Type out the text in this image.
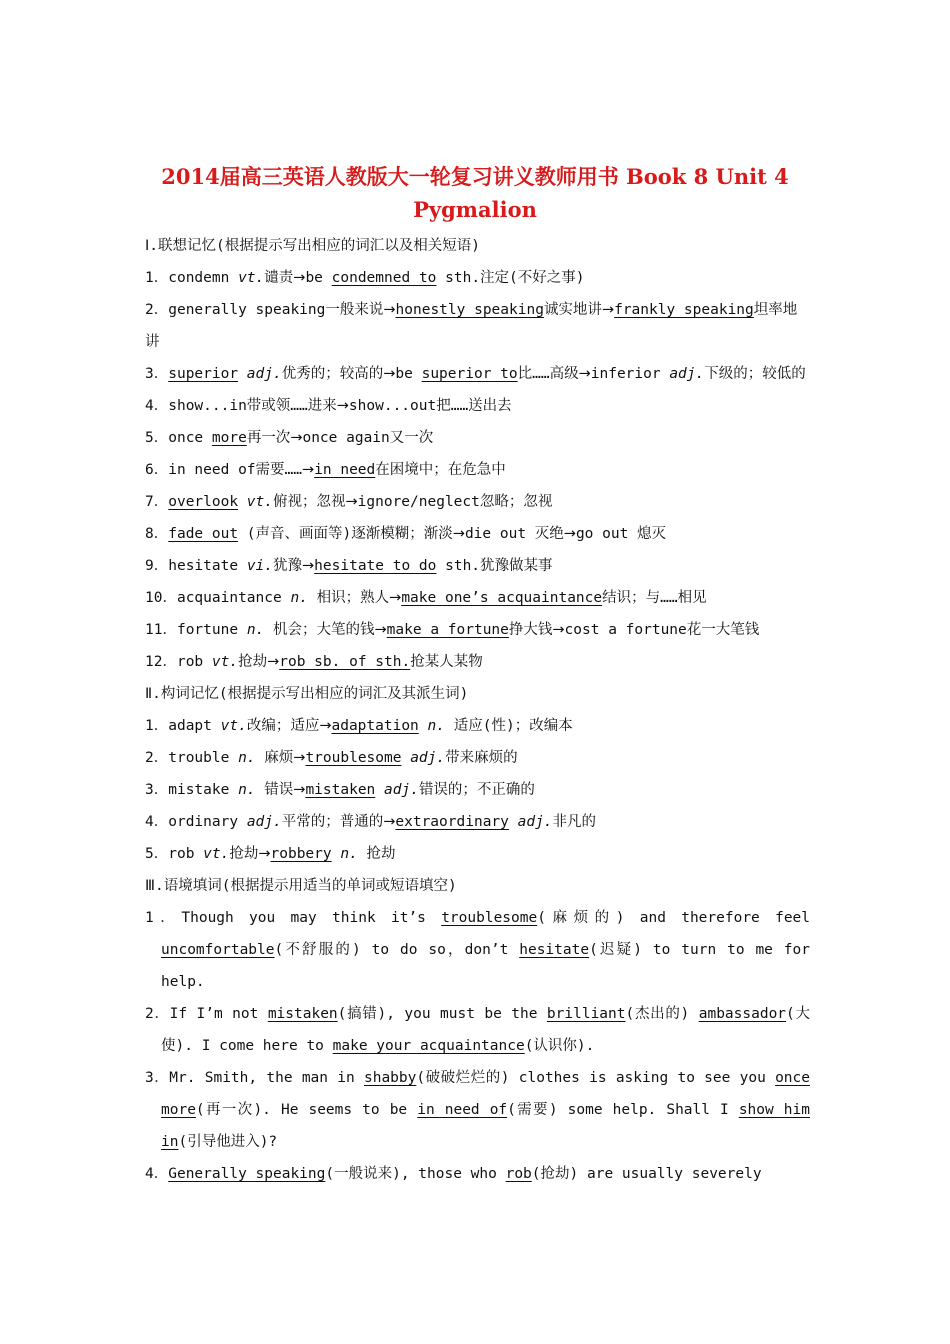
2014届高三英语人教版大一轮复习讲义教师用书 Book 8 Unit 4
Pygmalion
Ⅰ.联想记忆(根据提示写出相应的词汇以及相关短语)
1．condemn vt.谴责→be condemned to sth.注定(不好之事)
2．generally speaking一般来说→honestly speaking诚实地讲→frankly speaking坦率地讲
3．superior adj.优秀的；较高的→be superior to比……高级→inferior adj.下级的；较低的
4．show...in带或领……进来→show...out把……送出去
5．once more再一次→once again又一次
6．in need of需要……→in need在困境中；在危急中
7．overlook vt.俯视；忽视→ignore/neglect忽略；忽视
8．fade out (声音、画面等)逐渐模糊；渐淡→die out 灭绝→go out 熄灭
9．hesitate vi.犹豫→hesitate to do sth.犹豫做某事
10．acquaintance n. 相识；熟人→make one’s acquaintance结识；与……相见
11．fortune n. 机会；大笔的钱→make a fortune挣大钱→cost a fortune花一大笔钱
12．rob vt.抢劫→rob sb. of sth.抢某人某物
Ⅱ.构词记忆(根据提示写出相应的词汇及其派生词)
1．adapt vt.改编；适应→adaptation n. 适应(性)；改编本
2．trouble n. 麻烦→troublesome adj.带来麻烦的
3．mistake n. 错误→mistaken adj.错误的；不正确的
4．ordinary adj.平常的；普通的→extraordinary adj.非凡的
5．rob vt.抢劫→robbery n. 抢劫
Ⅲ.语境填词(根据提示用适当的单词或短语填空)
1．Though you may think it’s troublesome(麻烦的) and therefore feel uncomfortable(不舒服的) to do so，don’t hesitate(迟疑) to turn to me for help.
2．If I’m not mistaken(搞错), you must be the brilliant(杰出的) ambassador(大使). I come here to make your acquaintance(认识你).
3．Mr. Smith, the man in shabby(破破烂烂的) clothes is asking to see you once more(再一次). He seems to be in need of(需要) some help. Shall I show him in(引导他进入)?
4．Generally speaking(一般说来), those who rob(抢劫) are usually severely
